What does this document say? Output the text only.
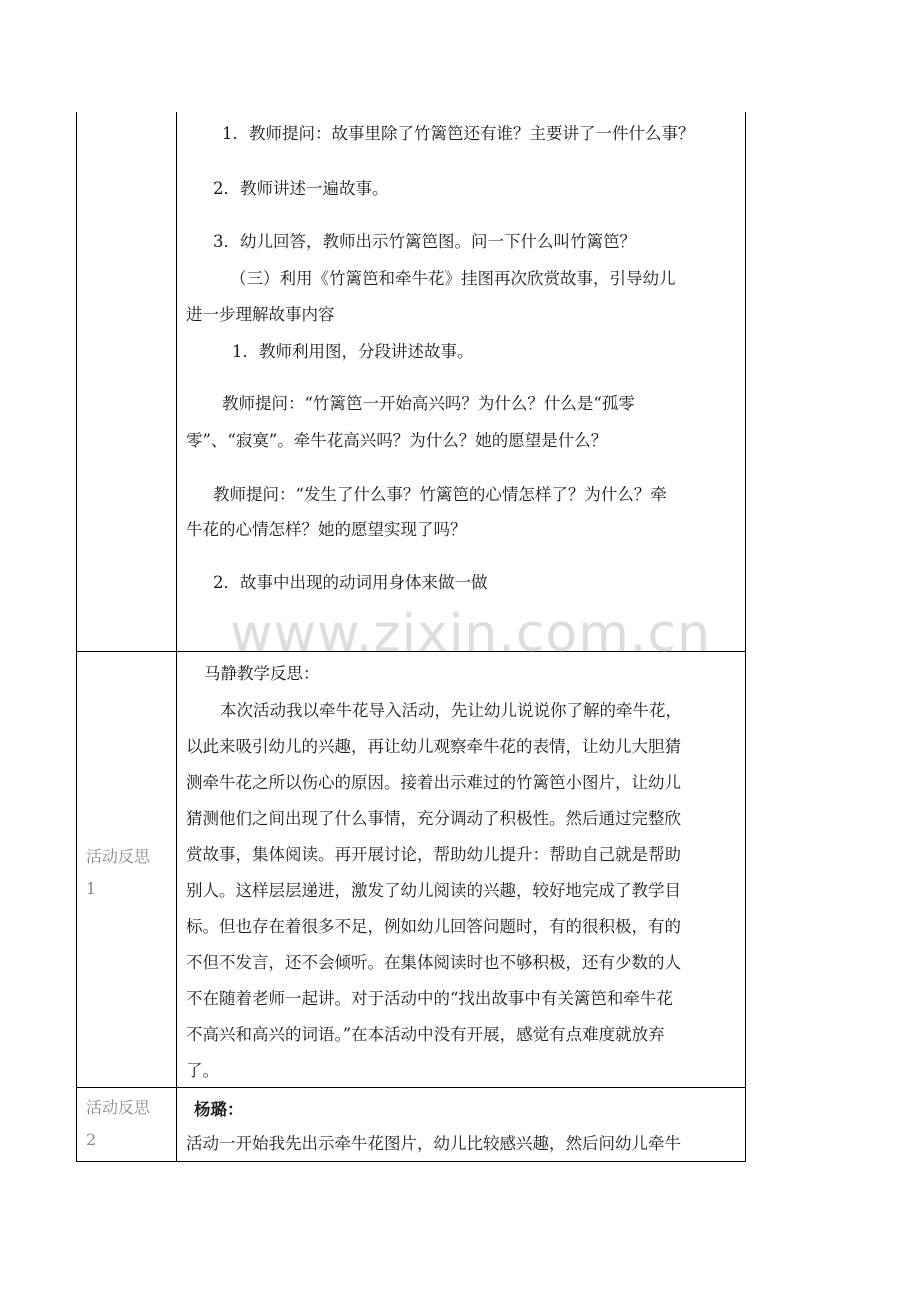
1．教师提问：故事里除了竹篱笆还有谁？主要讲了一件什么事？
2．教师讲述一遍故事。
3．幼儿回答，教师出示竹篱笆图。问一下什么叫竹篱笆？
（三）利用《竹篱笆和牵牛花》挂图再次欣赏故事，引导幼儿
进一步理解故事内容
1．教师利用图，分段讲述故事。
教师提问：“竹篱笆一开始高兴吗？为什么？什么是“孤零
零”、“寂寞”。牵牛花高兴吗？为什么？她的愿望是什么？
教师提问：“发生了什么事？竹篱笆的心情怎样了？为什么？牵
牛花的心情怎样？她的愿望实现了吗？
2．故事中出现的动词用身体来做一做
www.zixin.com.cn
活动反思
1
马静教学反思：
本次活动我以牵牛花导入活动，先让幼儿说说你了解的牵牛花，
以此来吸引幼儿的兴趣，再让幼儿观察牵牛花的表情，让幼儿大胆猜
测牵牛花之所以伤心的原因。接着出示难过的竹篱笆小图片，让幼儿
猜测他们之间出现了什么事情，充分调动了积极性。然后通过完整欣
赏故事，集体阅读。再开展讨论，帮助幼儿提升：帮助自己就是帮助
别人。这样层层递进，激发了幼儿阅读的兴趣，较好地完成了教学目
标。但也存在着很多不足，例如幼儿回答问题时，有的很积极，有的
不但不发言，还不会倾听。在集体阅读时也不够积极，还有少数的人
不在随着老师一起讲。对于活动中的“找出故事中有关篱笆和牵牛花
不高兴和高兴的词语。”在本活动中没有开展，感觉有点难度就放弃
了。
活动反思
2
杨璐：
活动一开始我先出示牵牛花图片，幼儿比较感兴趣，然后问幼儿牵牛
